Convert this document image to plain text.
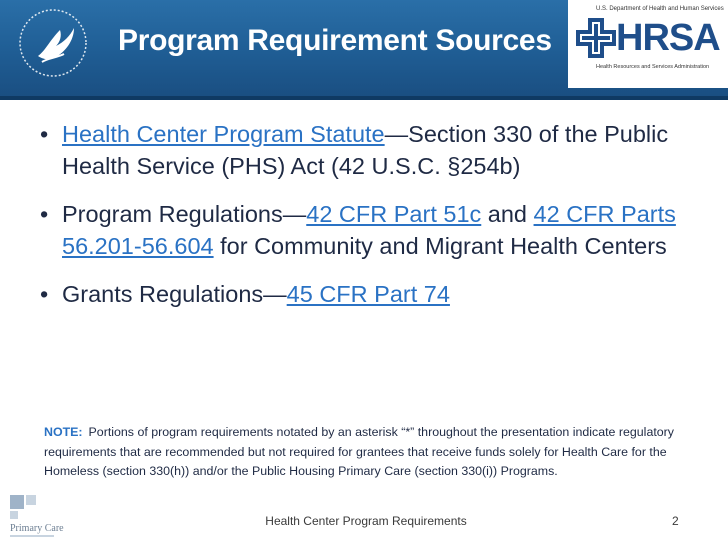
Program Requirement Sources
U.S. Department of Health and Human Services
HRSA
Health Resources and Services Administration
• Health Center Program Statute—Section 330 of the Public Health Service (PHS) Act (42 U.S.C. §254b)
• Program Regulations—42 CFR Part 51c and 42 CFR Parts 56.201-56.604 for Community and Migrant Health Centers
• Grants Regulations—45 CFR Part 74
NOTE: Portions of program requirements notated by an asterisk “*” throughout the presentation indicate regulatory requirements that are recommended but not required for grantees that receive funds solely for Health Care for the Homeless (section 330(h)) and/or the Public Housing Primary Care (section 330(i)) Programs.
Primary Care
Health Center Program Requirements	2
